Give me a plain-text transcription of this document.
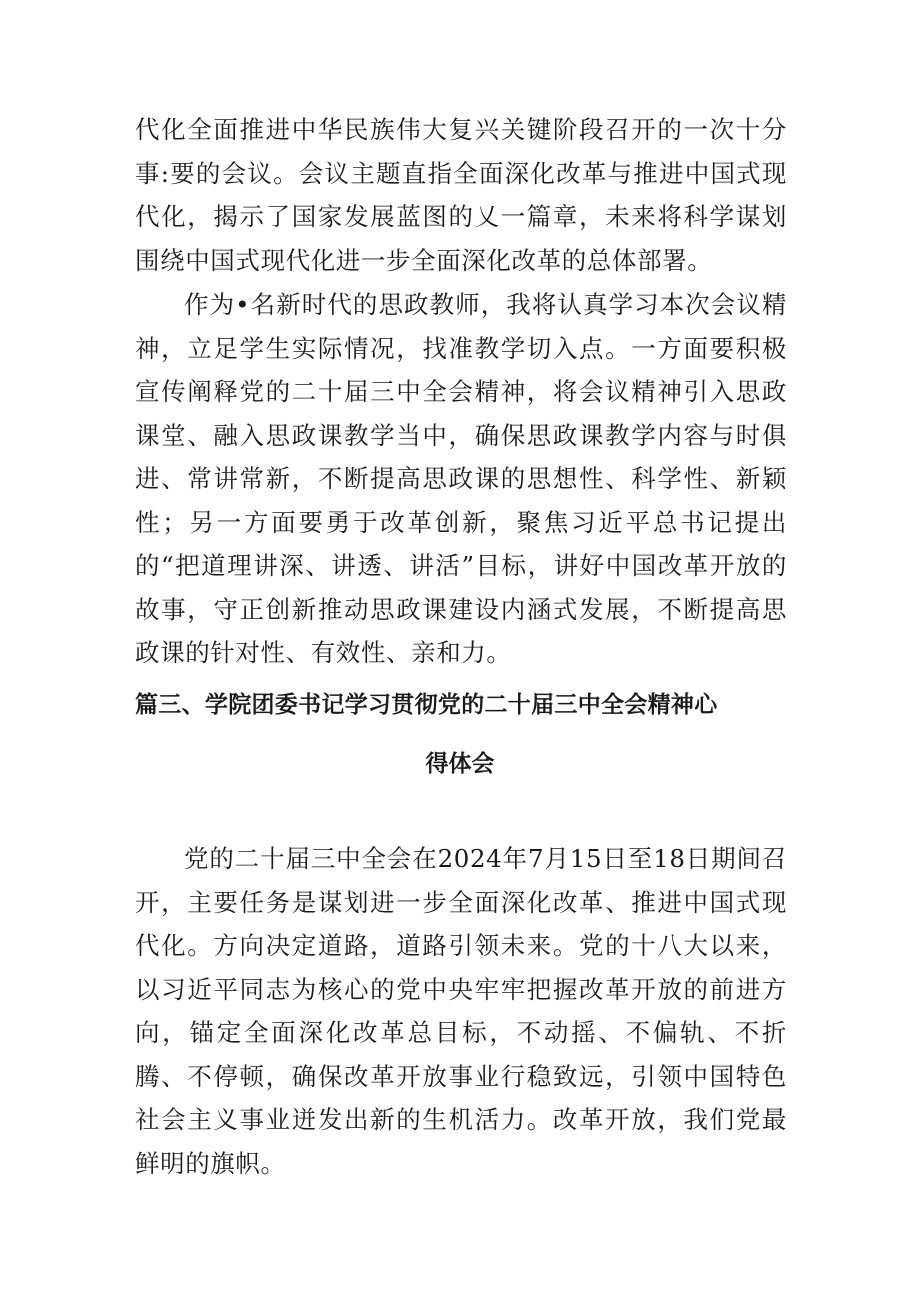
代化全面推进中华民族伟大复兴关键阶段召开的一次十分事:要的会议。会议主题直指全面深化改革与推进中国式现代化，揭示了国家发展蓝图的乂一篇章，未来将科学谋划围绕中国式现代化进一步全面深化改革的总体部署。

作为•名新时代的思政教师，我将认真学习本次会议精神，立足学生实际情况，找准教学切入点。一方面要积极宣传阐释党的二十届三中全会精神，将会议精神引入思政课堂、融入思政课教学当中，确保思政课教学内容与时俱进、常讲常新，不断提高思政课的思想性、科学性、新颖性；另一方面要勇于改革创新，聚焦习近平总书记提出的“把道理讲深、讲透、讲活”目标，讲好中国改革开放的故事，守正创新推动思政课建设内涵式发展，不断提高思政课的针对性、有效性、亲和力。

篇三、学院团委书记学习贯彻党的二十届三中全会精神心
得体会

党的二十届三中全会在2024年7月15日至18日期间召开，主要任务是谋划进一步全面深化改革、推进中国式现代化。方向决定道路，道路引领未来。党的十八大以来，以习近平同志为核心的党中央牢牢把握改革开放的前进方向，锚定全面深化改革总目标，不动摇、不偏轨、不折腾、不停顿，确保改革开放事业行稳致远，引领中国特色社会主义事业迸发出新的生机活力。改革开放，我们党最鲜明的旗帜。
